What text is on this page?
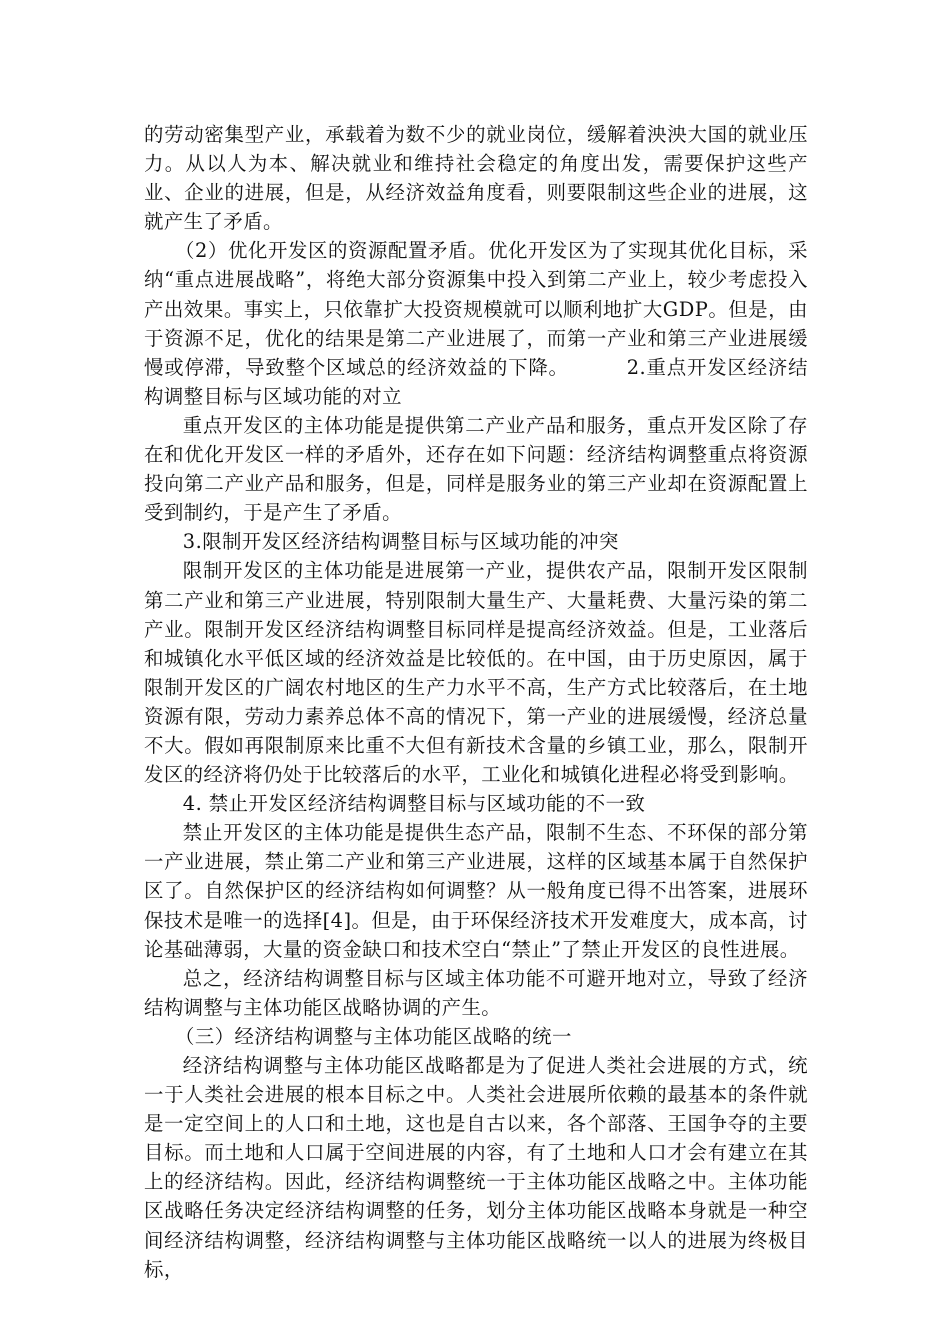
的劳动密集型产业，承载着为数不少的就业岗位，缓解着泱泱大国的就业压力。从以人为本、解决就业和维持社会稳定的角度出发，需要保护这些产业、企业的进展，但是，从经济效益角度看，则要限制这些企业的进展，这就产生了矛盾。

（2）优化开发区的资源配置矛盾。优化开发区为了实现其优化目标，采纳“重点进展战略”，将绝大部分资源集中投入到第二产业上，较少考虑投入产出效果。事实上，只依靠扩大投资规模就可以顺利地扩大GDP。但是，由于资源不足，优化的结果是第二产业进展了，而第一产业和第三产业进展缓慢或停滞，导致整个区域总的经济效益的下降。　　　 2.重点开发区经济结构调整目标与区域功能的对立

重点开发区的主体功能是提供第二产业产品和服务，重点开发区除了存在和优化开发区一样的矛盾外，还存在如下问题：经济结构调整重点将资源投向第二产业产品和服务，但是，同样是服务业的第三产业却在资源配置上受到制约，于是产生了矛盾。

3.限制开发区经济结构调整目标与区域功能的冲突

限制开发区的主体功能是进展第一产业，提供农产品，限制开发区限制第二产业和第三产业进展，特别限制大量生产、大量耗费、大量污染的第二产业。限制开发区经济结构调整目标同样是提高经济效益。但是，工业落后和城镇化水平低区域的经济效益是比较低的。在中国，由于历史原因，属于限制开发区的广阔农村地区的生产力水平不高，生产方式比较落后，在土地资源有限，劳动力素养总体不高的情况下，第一产业的进展缓慢，经济总量不大。假如再限制原来比重不大但有新技术含量的乡镇工业，那么，限制开发区的经济将仍处于比较落后的水平，工业化和城镇化进程必将受到影响。

4. 禁止开发区经济结构调整目标与区域功能的不一致

禁止开发区的主体功能是提供生态产品，限制不生态、不环保的部分第一产业进展，禁止第二产业和第三产业进展，这样的区域基本属于自然保护区了。自然保护区的经济结构如何调整？从一般角度已得不出答案，进展环保技术是唯一的选择[4]。但是，由于环保经济技术开发难度大，成本高，讨论基础薄弱，大量的资金缺口和技术空白“禁止”了禁止开发区的良性进展。

总之，经济结构调整目标与区域主体功能不可避开地对立，导致了经济结构调整与主体功能区战略协调的产生。

（三）经济结构调整与主体功能区战略的统一

经济结构调整与主体功能区战略都是为了促进人类社会进展的方式，统一于人类社会进展的根本目标之中。人类社会进展所依赖的最基本的条件就是一定空间上的人口和土地，这也是自古以来，各个部落、王国争夺的主要目标。而土地和人口属于空间进展的内容，有了土地和人口才会有建立在其上的经济结构。因此，经济结构调整统一于主体功能区战略之中。主体功能区战略任务决定经济结构调整的任务，划分主体功能区战略本身就是一种空间经济结构调整，经济结构调整与主体功能区战略统一以人的进展为终极目标，
